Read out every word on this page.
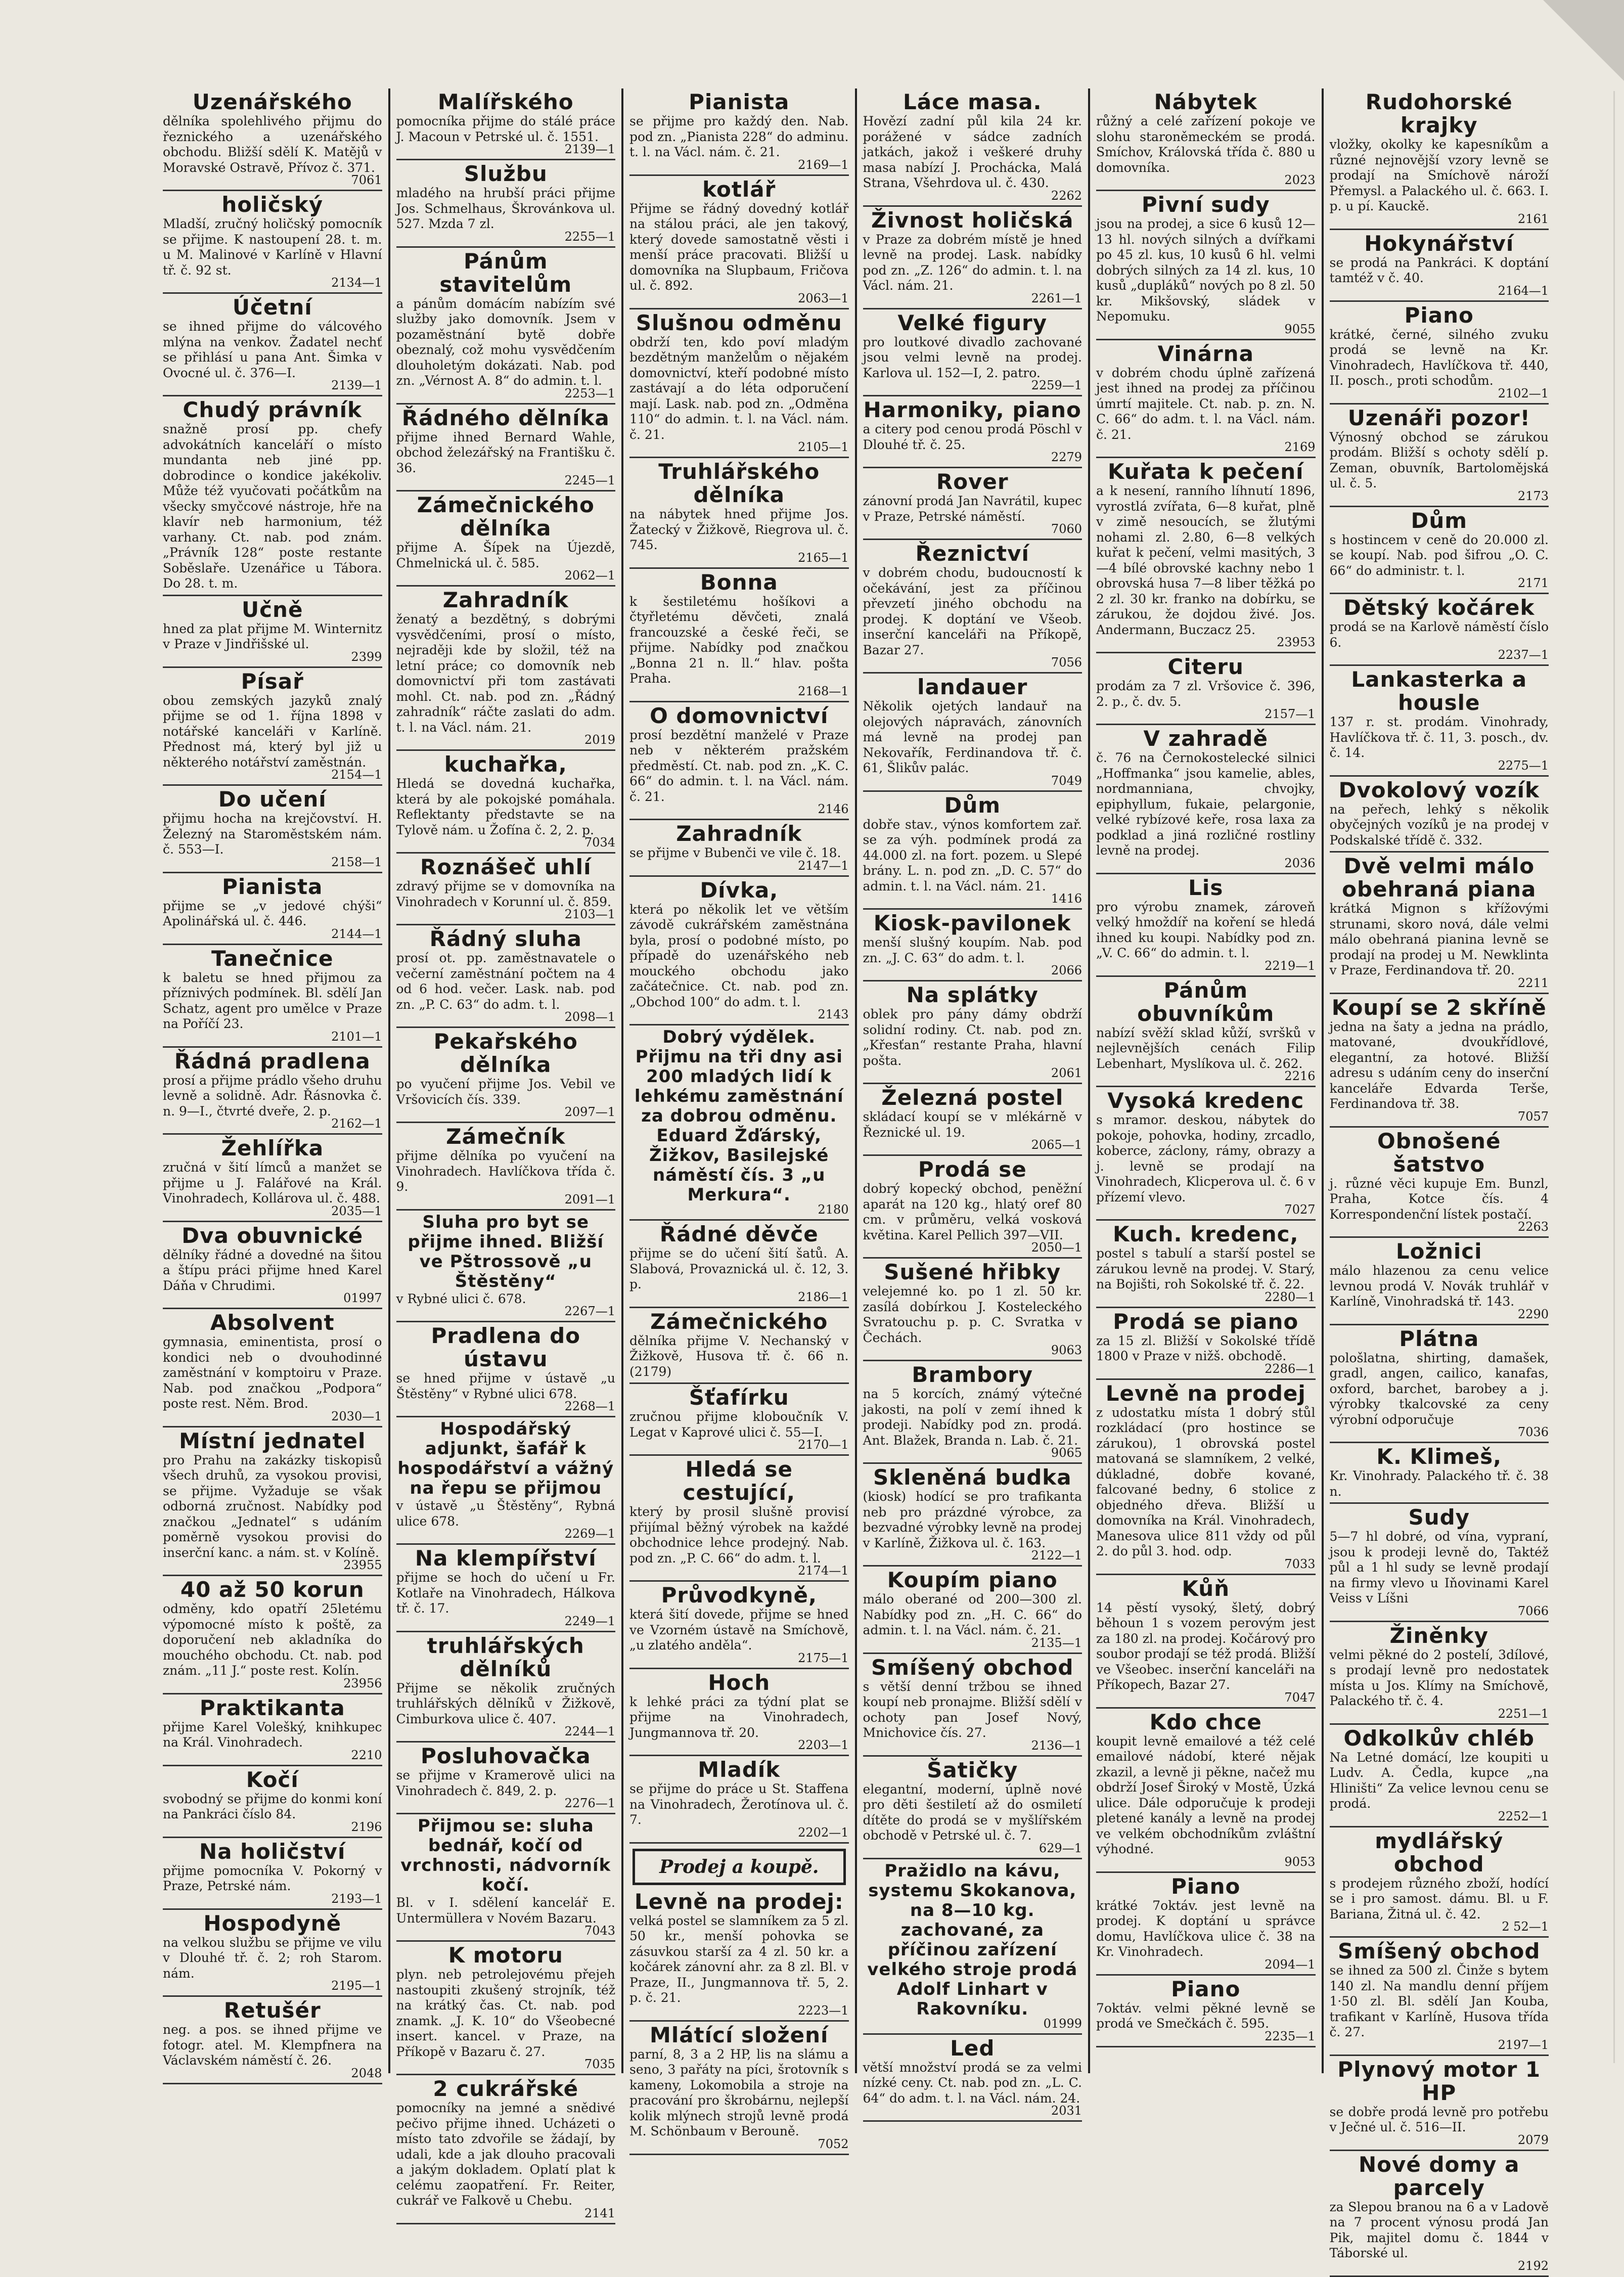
Uzenářského
dělníka spolehlivého přijmu do řeznického a uzenářského obchodu. Bližší sdělí K. Matějů v Moravské Ostravě, Přívoz č. 371.
7061
holičský
Mladší, zručný holičský pomocník se přijme. K nastoupení 28. t. m. u M. Malinové v Karlíně v Hlavní tř. č. 92 st.
2134—1
Účetní
se ihned přijme do válcového mlýna na venkov. Žadatel nechť se přihlásí u pana Ant. Šimka v Ovocné ul. č. 376—I.
2139—1
Chudý právník
snažně prosí pp. chefy advokátních kanceláří o místo mundanta neb jiné pp. dobrodince o kondice jakékoliv. Může též vyučovati počátkům na všecky smyčcové nástroje, hře na klavír neb harmonium, též varhany. Ct. nab. pod znám. „Právník 128“ poste restante Soběslaře. Uzenářice u Tábora. Do 28. t. m.
Učně
hned za plat přijme M. Winternitz v Praze v Jindřišské ul.
2399
Písař
obou zemských jazyků znalý přijme se od 1. října 1898 v notářské kanceláři v Karlíně. Přednost má, který byl již u některého notářství zaměstnán.
2154—1
Do učení
přijmu hocha na krejčovství. H. Železný na Staroměstském nám. č. 553—I.
2158—1
Pianista
přijme se „v jedové chýši“ Apolinářská ul. č. 446.
2144—1
Tanečnice
k baletu se hned přijmou za příznivých podmínek. Bl. sdělí Jan Schatz, agent pro umělce v Praze na Poříčí 23.
2101—1
Řádná pradlena
prosí a přijme prádlo všeho druhu levně a solidně. Adr. Řásnovka č. n. 9—I., čtvrté dveře, 2. p.
2162—1
Žehlířka
zručná v šití límců a manžet se přijme u J. Falářové na Král. Vinohradech, Kollárova ul. č. 488.
2035—1
Dva obuvnické
dělníky řádné a dovedné na šitou a štípu práci přijme hned Karel Dáňa v Chrudimi.
01997
Absolvent
gymnasia, eminentista, prosí o kondici neb o dvouhodinné zaměstnání v komptoiru v Praze. Nab. pod značkou „Podpora“ poste rest. Něm. Brod.
2030—1
Místní jednatel
pro Prahu na zakázky tiskopisů všech druhů, za vysokou provisi, se přijme. Vyžaduje se však odborná zručnost. Nabídky pod značkou „Jednatel“ s udáním poměrně vysokou provisi do inserční kanc. a nám. st. v Kolíně.
23955
40 až 50 korun
odměny, kdo opatří 25letému výpomocné místo k poště, za doporučení neb akladníka do mouchého obchodu. Ct. nab. pod znám. „11 J.“ poste rest. Kolín.
23956
Praktikanta
přijme Karel Volešký, knihkupec na Král. Vinohradech.
2210
Kočí
svobodný se přijme do konmi koní na Pankráci číslo 84.
2196
Na holičství
přijme pomocníka V. Pokorný v Praze, Petrské nám.
2193—1
Hospodyně
na velkou službu se přijme ve vilu v Dlouhé tř. č. 2; roh Starom. nám.
2195—1
Retušér
neg. a pos. se ihned přijme ve fotogr. atel. M. Klempfnera na Václavském náměstí č. 26.
2048
Malířského
pomocníka přijme do stálé práce J. Macoun v Petrské ul. č. 1551.
2139—1
Službu
mladého na hrubší práci přijme Jos. Schmelhaus, Škrovánkova ul. 527. Mzda 7 zl.
2255—1
Pánům stavitelům
a pánům domácím nabízím své služby jako domovník. Jsem v pozaměstnání bytě dobře obeznalý, což mohu vysvědčením dlouholetým dokázati. Nab. pod zn. „Vérnost A. 8“ do admin. t. l.
2253—1
Řádného dělníka
přijme ihned Bernard Wahle, obchod železářský na Františku č. 36.
2245—1
Zámečnického dělníka
přijme A. Šípek na Újezdě, Chmelnická ul. č. 585.
2062—1
Zahradník
ženatý a bezdětný, s dobrými vysvědčeními, prosí o místo, nejraději kde by složil, též na letní práce; co domovník neb domovnictví při tom zastávati mohl. Ct. nab. pod zn. „Řádný zahradník“ ráčte zaslati do adm. t. l. na Václ. nám. 21.
2019
kuchařka,
Hledá se dovedná kuchařka, která by ale pokojské pomáhala. Reflektanty představte se na Tylově nám. u Žofína č. 2, 2. p.
7034
Roznášeč uhlí
zdravý přijme se v domovníka na Vinohradech v Korunní ul. č. 859.
2103—1
Řádný sluha
prosí ot. pp. zaměstnavatele o večerní zaměstnání počtem na 4 od 6 hod. večer. Lask. nab. pod zn. „P. C. 63“ do adm. t. l.
2098—1
Pekařského dělníka
po vyučení přijme Jos. Vebil ve Vršovicích čís. 339.
2097—1
Zámečník
přijme dělníka po vyučení na Vinohradech. Havlíčkova třída č. 9.
2091—1
Sluha pro byt se přijme ihned. Bližší ve Pštrossově „u Štěstěny“
v Rybné ulici č. 678.
2267—1
Pradlena do ústavu
se hned přijme v ústavě „u Štěstěny“ v Rybné ulici 678.
2268—1
Hospodářský adjunkt, šafář k hospodářství a vážný na řepu se přijmou
v ústavě „u Štěstěny“, Rybná ulice 678.
2269—1
Na klempířství
přijme se hoch do učení u Fr. Kotlaře na Vinohradech, Hálkova tř. č. 17.
2249—1
truhlářských dělníků
Přijme se několik zručných truhlářských dělníků v Žižkově, Cimburkova ulice č. 407.
2244—1
Posluhovačka
se přijme v Kramerově ulici na Vinohradech č. 849, 2. p.
2276—1
Přijmou se: sluha bednář, kočí od vrchnosti, nádvorník kočí.
Bl. v I. sdělení kancelář E. Untermüllera v Novém Bazaru.
7043
K motoru
plyn. neb petrolejovému přejeh nastoupiti zkušený strojník, též na krátký čas. Ct. nab. pod znamk. „J. K. 10“ do Všeobecné insert. kancel. v Praze, na Příkopě v Bazaru č. 27.
7035
2 cukrářské
pomocníky na jemné a snědivé pečivo přijme ihned. Ucházeti o místo tato zdvořile se žádají, by udali, kde a jak dlouho pracovali a jakým dokladem. Oplatí plat k celému zaopatření. Fr. Reiter, cukrář ve Falkově u Chebu.
2141
Pianista
se přijme pro každý den. Nab. pod zn. „Pianista 228“ do adminu. t. l. na Václ. nám. č. 21.
2169—1
kotlář
Přijme se řádný dovedný kotlář na stálou práci, ale jen takový, který dovede samostatně věsti i menší práce pracovati. Bližší u domovníka na Slupbaum, Fričova ul. č. 892.
2063—1
Slušnou odměnu
obdrží ten, kdo poví mladým bezdětným manželům o nějakém domovnictví, kteří podobné místo zastávají a do léta odporučení mají. Lask. nab. pod zn. „Odměna 110“ do admin. t. l. na Václ. nám. č. 21.
2105—1
Truhlářského dělníka
na nábytek hned přijme Jos. Žatecký v Žižkově, Riegrova ul. č. 745.
2165—1
Bonna
k šestiletému hošíkovi a čtyřletému děvčeti, znalá francouzské a české řeči, se přijme. Nabídky pod značkou „Bonna 21 n. ll.“ hlav. pošta Praha.
2168—1
O domovnictví
prosí bezdětní manželé v Praze neb v některém pražském předměstí. Ct. nab. pod zn. „K. C. 66“ do admin. t. l. na Václ. nám. č. 21.
2146
Zahradník
se přijme v Bubenči ve vile č. 18.
2147—1
Dívka,
která po několik let ve větším závodě cukrářském zaměstnána byla, prosí o podobné místo, po případě do uzenářského neb mouckého obchodu jako začátečnice. Ct. nab. pod zn. „Obchod 100“ do adm. t. l.
2143
Dobrý výdělek. Přijmu na tři dny asi 200 mladých lidí k lehkému zaměstnání za dobrou odměnu. Eduard Žďárský, Žižkov, Basilejské náměstí čís. 3 „u Merkura“.
2180
Řádné děvče
přijme se do učení šití šatů. A. Slabová, Provaznická ul. č. 12, 3. p.
2186—1
Zámečnického
dělníka přijme V. Nechanský v Žižkově, Husova tř. č. 66 n. (2179)
Šťafírku
zručnou přijme kloboučník V. Legat v Kaprové ulici č. 55—I.
2170—1
Hledá se cestující,
který by prosil slušně provisí přijímal běžný výrobek na každé obchodnice lehce prodejný. Nab. pod zn. „P. C. 66“ do adm. t. l.
2174—1
Průvodkyně,
která šití dovede, přijme se hned ve Vzorném ústavě na Smíchově, „u zlatého anděla“.
2175—1
Hoch
k lehké práci za týdní plat se přijme na Vinohradech, Jungmannova tř. 20.
2203—1
Mladík
se přijme do práce u St. Staffena na Vinohradech, Žerotínova ul. č. 7.
2202—1
Prodej a koupě.
Levně na prodej:
velká postel se slamníkem za 5 zl. 50 kr., menší pohovka se zásuvkou starší za 4 zl. 50 kr. a kočárek zánovní ahr. za 8 zl. Bl. v Praze, II., Jungmannova tř. 5, 2. p. č. 21.
2223—1
Mlátící složení
parní, 8, 3 a 2 HP, lis na slámu a seno, 3 pařáty na píci, šrotovník s kameny, Lokomobila a stroje na pracování pro škrobárnu, nejlepší kolik mlýnech strojů levně prodá M. Schönbaum v Berouně.
7052
Láce masa.
Hovězí zadní půl kila 24 kr. porážené v sádce zadních jatkách, jakož i veškeré druhy masa nabízí J. Prochácka, Malá Strana, Všehrdova ul. č. 430.
2262
Živnost holičská
v Praze za dobrém místě je hned levně na prodej. Lask. nabídky pod zn. „Z. 126“ do admin. t. l. na Václ. nám. 21.
2261—1
Velké figury
pro loutkové divadlo zachované jsou velmi levně na prodej. Karlova ul. 152—I, 2. patro.
2259—1
Harmoniky, piano
a citery pod cenou prodá Pöschl v Dlouhé tř. č. 25.
2279
Rover
zánovní prodá Jan Navrátil, kupec v Praze, Petrské náměstí.
7060
Řeznictví
v dobrém chodu, budoucností k očekávání, jest za příčinou převzetí jiného obchodu na prodej. K doptání ve Všeob. inserční kanceláři na Příkopě, Bazar 27.
7056
landauer
Několik ojetých landauř na olejových nápravách, zánovních má levně na prodej pan Nekovařík, Ferdinandova tř. č. 61, Šlikův palác.
7049
Dům
dobře stav., výnos komfortem zař. se za výh. podmínek prodá za 44.000 zl. na fort. pozem. u Slepé brány. L. n. pod zn. „D. C. 57“ do admin. t. l. na Václ. nám. 21.
1416
Kiosk-pavilonek
menší slušný koupím. Nab. pod zn. „J. C. 63“ do adm. t. l.
2066
Na splátky
oblek pro pány dámy obdrží solidní rodiny. Ct. nab. pod zn. „Křesťan“ restante Praha, hlavní pošta.
2061
Železná postel
skládací koupí se v mlékárně v Řeznické ul. 19.
2065—1
Prodá se
dobrý kopecký obchod, peněžní aparát na 120 kg., hlatý oref 80 cm. v průměru, velká vosková květina. Karel Pellich 397—VII.
2050—1
Sušené hřibky
velejemné ko. po 1 zl. 50 kr. zasílá dobírkou J. Kosteleckého Svratouchu p. p. C. Svratka v Čechách.
9063
Brambory
na 5 korcích, známý výtečné jakosti, na polí v zemí ihned k prodeji. Nabídky pod zn. prodá. Ant. Blažek, Branda n. Lab. č. 21.
9065
Skleněná budka
(kiosk) hodící se pro trafikanta neb pro prázdné výrobce, za bezvadné výrobky levně na prodej v Karlíně, Žižkova ul. č. 163.
2122—1
Koupím piano
málo oberané od 200—300 zl. Nabídky pod zn. „H. C. 66“ do admin. t. l. na Václ. nám. č. 21.
2135—1
Smíšený obchod
s větší denní tržbou se ihned koupí neb pronajme. Bližší sdělí v ochoty pan Josef Nový, Mnichovice čís. 27.
2136—1
Šatičky
elegantní, moderní, úplně nové pro děti šestiletí až do osmiletí dítěte do prodá se v myšlířském obchodě v Petrské ul. č. 7.
629—1
Pražidlo na kávu, systemu Skokanova, na 8—10 kg. zachované, za příčinou zařízení velkého stroje prodá Adolf Linhart v Rakovníku.
01999
Led
větší množství prodá se za velmi nízké ceny. Ct. nab. pod zn. „L. C. 64“ do adm. t. l. na Václ. nám. 24.
2031
Nábytek
růžný a celé zařízení pokoje ve slohu staroněmeckém se prodá. Smíchov, Královská třída č. 880 u domovníka.
2023
Pivní sudy
jsou na prodej, a sice 6 kusů 12—13 hl. nových silných a dvířkami po 45 zl. kus, 10 kusů 6 hl. velmi dobrých silných za 14 zl. kus, 10 kusů „dupláků“ nových po 8 zl. 50 kr. Mikšovský, sládek v Nepomuku.
9055
Vinárna
v dobrém chodu úplně zařízená jest ihned na prodej za příčinou úmrtí majitele. Ct. nab. p. zn. N. C. 66“ do adm. t. l. na Václ. nám. č. 21.
2169
Kuřata k pečení
a k nesení, ranního líhnutí 1896, vyrostlá zvířata, 6—8 kuřat, plně v zimě nesoucích, se žlutými nohami zl. 2.80, 6—8 velkých kuřat k pečení, velmi masitých, 3—4 bílé obrovské kachny nebo 1 obrovská husa 7—8 liber těžká po 2 zl. 30 kr. franko na dobírku, se zárukou, že dojdou živé. Jos. Andermann, Buczacz 25.
23953
Citeru
prodám za 7 zl. Vršovice č. 396, 2. p., č. dv. 5.
2157—1
V zahradě
č. 76 na Černokostelecké silnici „Hoffmanka“ jsou kamelie, ables, nordmanniana, chvojky, epiphyllum, fukaie, pelargonie, velké rybízové keře, rosa laxa za podklad a jiná rozličné rostliny levně na prodej.
2036
Lis
pro výrobu znamek, zároveň velký hmoždíř na koření se hledá ihned ku koupi. Nabídky pod zn. „V. C. 66“ do admin. t. l.
2219—1
Pánům obuvníkům
nabízí svěží sklad kůží, svršků v nejlevnějších cenách Filip Lebenhart, Myslíkova ul. č. 262.
2216
Vysoká kredenc
s mramor. deskou, nábytek do pokoje, pohovka, hodiny, zrcadlo, koberce, záclony, rámy, obrazy a j. levně se prodají na Vinohradech, Klicperova ul. č. 6 v přízemí vlevo.
7027
Kuch. kredenc,
postel s tabulí a starší postel se zárukou levně na prodej. V. Starý, na Bojišti, roh Sokolské tř. č. 22.
2280—1
Prodá se piano
za 15 zl. Bližší v Sokolské třídě 1800 v Praze v nižš. obchodě.
2286—1
Levně na prodej
z udostatku místa 1 dobrý stůl rozkládací (pro hostince se zárukou), 1 obrovská postel matovaná se slamníkem, 2 velké, dúkladné, dobře kované, falcované bedny, 6 stolice z objedného dřeva. Bližší u domovníka na Král. Vinohradech, Manesova ulice 811 vždy od půl 2. do půl 3. hod. odp.
7033
Kůň
14 pěstí vysoký, šletý, dobrý běhoun 1 s vozem perovým jest za 180 zl. na prodej. Kočárový pro soubor prodají se též prodá. Bližší ve Všeobec. inserční kanceláři na Příkopech, Bazar 27.
7047
Kdo chce
koupit levně emailové a též celé emailové nádobí, které nějak zkazil, a levně ji pěkne, načež mu obdrží Josef Široký v Mostě, Úzká ulice. Dále odporučuje k prodeji pletené kanály a levně na prodej ve velkém obchodníkům zvláštní výhodné.
9053
Piano
krátké 7oktáv. jest levně na prodej. K doptání u správce domu, Havlíčkova ulice č. 38 na Kr. Vinohradech.
2094—1
Piano
7oktáv. velmi pěkné levně se prodá ve Smečkách č. 595.
2235—1
Rudohorské krajky
vložky, okolky ke kapesníkům a různé nejnovější vzory levně se prodají na Smíchově nároží Přemysl. a Palackého ul. č. 663. I. p. u pí. Kauckě.
2161
Hokynářství
se prodá na Pankráci. K doptání tamtéž v č. 40.
2164—1
Piano
krátké, černé, silného zvuku prodá se levně na Kr. Vinohradech, Havlíčkova tř. 440, II. posch., proti schodům.
2102—1
Uzenáři pozor!
Výnosný obchod se zárukou prodám. Bližší s ochoty sdělí p. Zeman, obuvník, Bartolomějská ul. č. 5.
2173
Dům
s hostincem v ceně do 20.000 zl. se koupí. Nab. pod šifrou „O. C. 66“ do administr. t. l.
2171
Dětský kočárek
prodá se na Karlově náměstí číslo 6.
2237—1
Lankasterka a housle
137 r. st. prodám. Vinohrady, Havlíčkova tř. č. 11, 3. posch., dv. č. 14.
2275—1
Dvokolový vozík
na peřech, lehký s několik obyčejných vozíků je na prodej v Podskalské třídě č. 332.
Dvě velmi málo obehraná piana
krátká Mignon s křížovými strunami, skoro nová, dále velmi málo obehraná pianina levně se prodají na prodej u M. Newklinta v Praze, Ferdinandova tř. 20.
2211
Koupí se 2 skříně
jedna na šaty a jedna na prádlo, matované, dvoukřídlové, elegantní, za hotové. Bližší adresu s udáním ceny do inserční kanceláře Edvarda Terše, Ferdinandova tř. 38.
7057
Obnošené šatstvo
j. různé věci kupuje Em. Bunzl, Praha, Kotce čís. 4 Korrespondenční lístek postačí.
2263
Ložnici
málo hlazenou za cenu velice levnou prodá V. Novák truhlář v Karlíně, Vinohradská tř. 143.
2290
Plátna
pološlatna, shirting, damašek, gradl, angen, cailico, kanafas, oxford, barchet, barobey a j. výrobky tkalcovské za ceny výrobní odporučuje
7036
K. Klimeš,
Kr. Vinohrady. Palackého tř. č. 38 n.
Sudy
5—7 hl dobré, od vína, vypraní, jsou k prodeji levně do, Taktéž půl a 1 hl sudy se levně prodají na firmy vlevo u Iňovinami Karel Veiss v Líšni
7066
Žiněnky
velmi pěkné do 2 postelí, 3dílové, s prodají levně pro nedostatek místa u Jos. Klímy na Smíchově, Palackého tř. č. 4.
2251—1
Odkolkův chléb
Na Letné domácí, lze koupiti u Ludv. A. Čedla, kupce „na Hliništi“ Za velice levnou cenu se prodá.
2252—1
mydlářský obchod
s prodejem různého zboží, hodící se i pro samost. dámu. Bl. u F. Bariana, Žitná ul. č. 42.
2 52—1
Smíšený obchod
se ihned za 500 zl. Činže s bytem 140 zl. Na mandlu denní příjem 1·50 zl. Bl. sdělí Jan Kouba, trafikant v Karlíně, Husova třída č. 27.
2197—1
Plynový motor 1 HP
se dobře prodá levně pro potřebu v Ječné ul. č. 516—II.
2079
Nové domy a parcely
za Slepou branou na 6 a v Ladově na 7 procent výnosu prodá Jan Pik, majitel domu č. 1844 v Táborské ul.
2192
